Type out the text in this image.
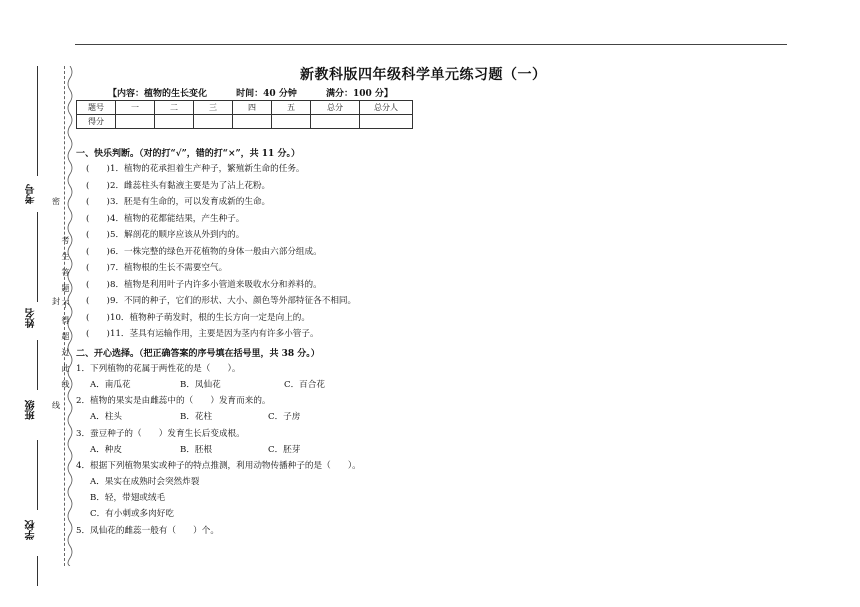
考号
姓名
班级
学校
考生答题不得超过此线
密
封
线
新教科版四年级科学单元练习题（一）
【内容：植物的生长变化	时间：40 分钟	满分：100 分】
题号	一	二	三	四	五	总分	总分人
得分							
一、快乐判断。（对的打“√”，错的打“×”，共 11 分。）
(　　)1．植物的花承担着生产种子，繁殖新生命的任务。
(　　)2．雌蕊柱头有黏液主要是为了沾上花粉。
(　　)3．胚是有生命的，可以发育成新的生命。
(　　)4．植物的花都能结果，产生种子。
(　　)5．解剖花的顺序应该从外到内的。
(　　)6．一株完整的绿色开花植物的身体一般由六部分组成。
(　　)7．植物根的生长不需要空气。
(　　)8．植物是利用叶子内许多小管道来吸收水分和养料的。
(　　)9．不同的种子，它们的形状、大小、颜色等外部特征各不相同。
(　　)10．植物种子萌发时，根的生长方向一定是向上的。
(　　)11．茎具有运输作用，主要是因为茎内有许多小管子。
二、开心选择。（把正确答案的序号填在括号里，共 38 分。）
1．下列植物的花属于两性花的是（　　）。
A．南瓜花	B．凤仙花	C．百合花
2．植物的果实是由雌蕊中的（　　）发育而来的。
A．柱头	B．花柱	C．子房
3．蚕豆种子的（　　）发育生长后变成根。
A．种皮	B．胚根	C．胚芽
4．根据下列植物果实或种子的特点推测，利用动物传播种子的是（　　）。
A．果实在成熟时会突然炸裂
B．轻，带翅或绒毛
C．有小刺或多肉好吃
5．凤仙花的雌蕊一般有（　　）个。
